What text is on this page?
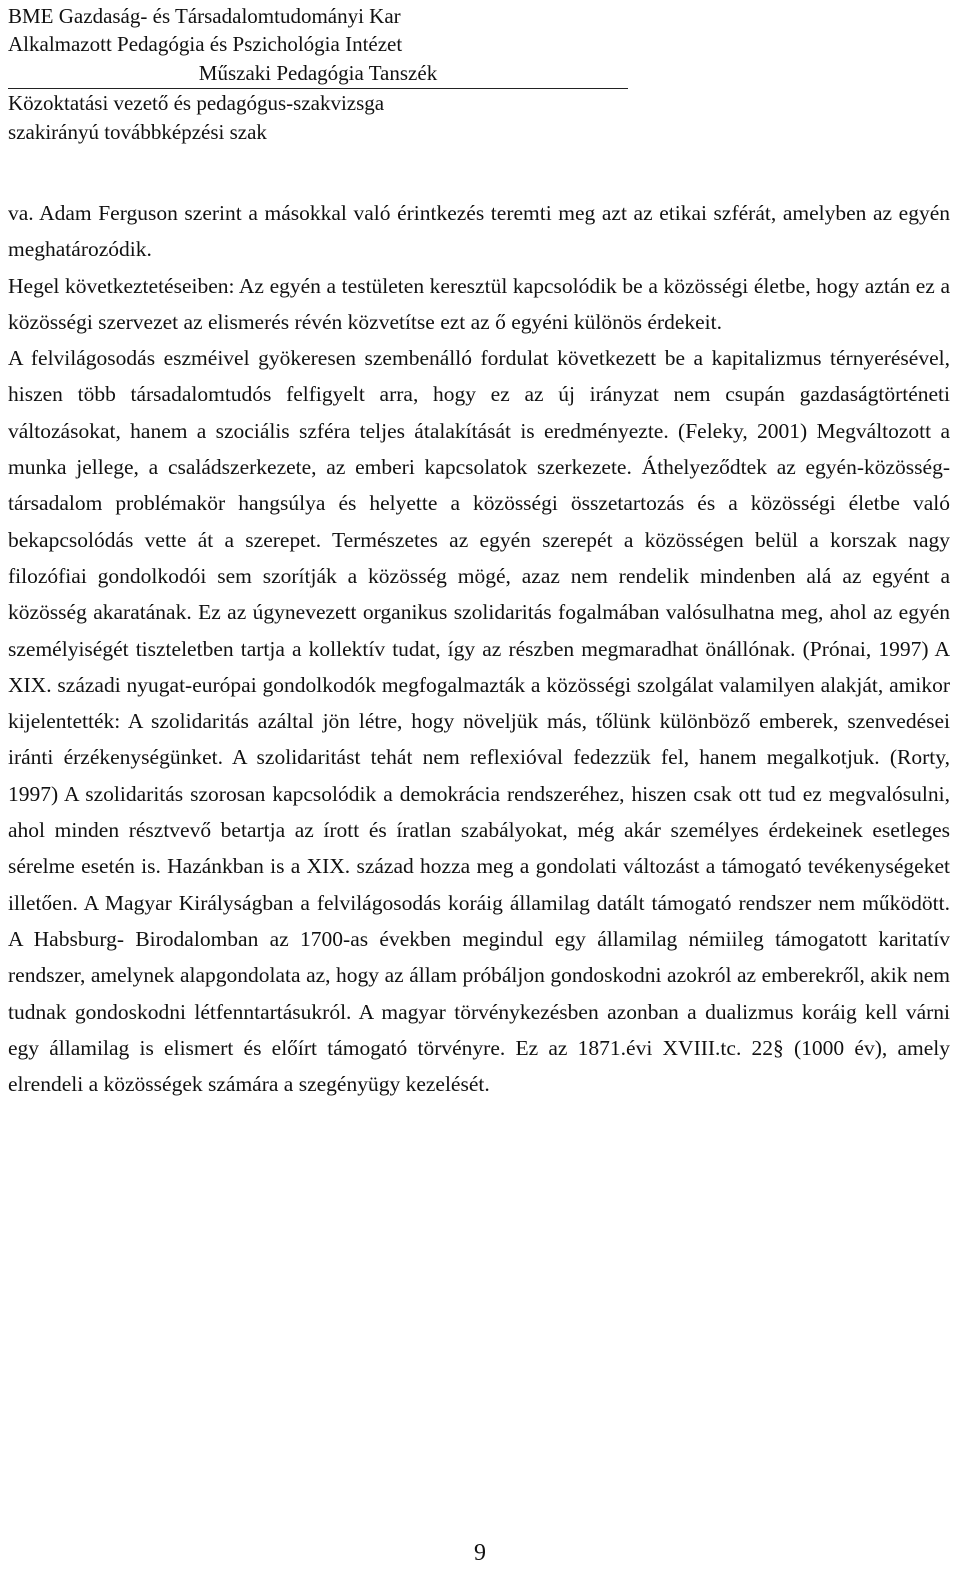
BME Gazdaság- és Társadalomtudományi Kar
Alkalmazott Pedagógia és Pszichológia Intézet
Műszaki Pedagógia Tanszék
Közoktatási vezető és pedagógus-szakvizsga
szakirányú továbbképzési szak

va. Adam Ferguson szerint a másokkal való érintkezés teremti meg azt az etikai szférát, amelyben az egyén meghatározódik.

Hegel következtetéseiben: Az egyén a testületen keresztül kapcsolódik be a közösségi életbe, hogy aztán ez a közösségi szervezet az elismerés révén közvetítse ezt az ő egyéni különös érdekeit.

A felvilágosodás eszméivel gyökeresen szembenálló fordulat következett be a kapitalizmus térnyerésével, hiszen több társadalomtudós felfigyelt arra, hogy ez az új irányzat nem csupán gazdaságtörténeti változásokat, hanem a szociális szféra teljes átalakítását is eredményezte. (Feleky, 2001) Megváltozott a munka jellege, a családszerkezete, az emberi kapcsolatok szerkezete. Áthelyeződtek az egyén-közösség-társadalom problémakör hangsúlya és helyette a közösségi összetartozás és a közösségi életbe való bekapcsolódás vette át a szerepet. Természetes az egyén szerepét a közösségen belül a korszak nagy filozófiai gondolkodói sem szorítják a közösség mögé, azaz nem rendelik mindenben alá az egyént a közösség akaratának. Ez az úgynevezett organikus szolidaritás fogalmában valósulhatna meg, ahol az egyén személyiségét tiszteletben tartja a kollektív tudat, így az részben megmaradhat önállónak. (Prónai, 1997) A XIX. századi nyugat-európai gondolkodók megfogalmazták a közösségi szolgálat valamilyen alakját, amikor kijelentették: A szolidaritás azáltal jön létre, hogy növeljük más, tőlünk különböző emberek, szenvedései iránti érzékenységünket. A szolidaritást tehát nem reflexióval fedezzük fel, hanem megalkotjuk. (Rorty, 1997) A szolidaritás szorosan kapcsolódik a demokrácia rendszeréhez, hiszen csak ott tud ez megvalósulni, ahol minden résztvevő betartja az írott és íratlan szabályokat, még akár személyes érdekeinek esetleges sérelme esetén is. Hazánkban is a XIX. század hozza meg a gondolati változást a támogató tevékenységeket illetően. A Magyar Királyságban a felvilágosodás koráig államilag datált támogató rendszer nem működött. A Habsburg- Birodalomban az 1700-as években megindul egy államilag némiileg támogatott karitatív rendszer, amelynek alapgondolata az, hogy az állam próbáljon gondoskodni azokról az emberekről, akik nem tudnak gondoskodni létfenntartásukról. A magyar törvénykezésben azonban a dualizmus koráig kell várni egy államilag is elismert és előírt támogató törvényre. Ez az 1871.évi XVIII.tc. 22§ (1000 év), amely elrendeli a közösségek számára a szegényügy kezelését.

9
